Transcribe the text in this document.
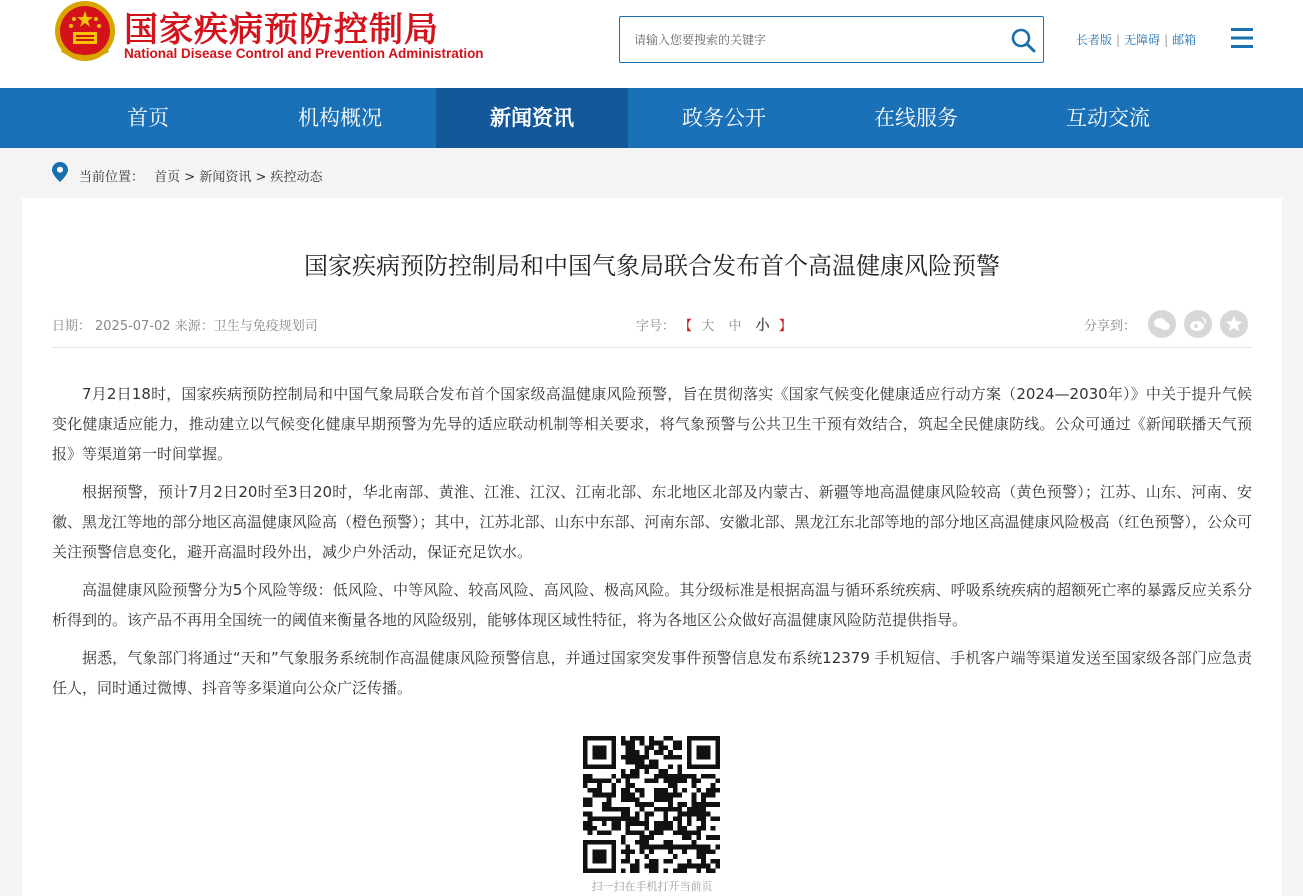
国家疾病预防控制局
National Disease Control and Prevention Administration
请输入您要搜索的关键字
长者版 | 无障碍 | 邮箱
首页	机构概况	新闻资讯	政务公开	在线服务	互动交流
当前位置： 首页 > 新闻资讯 > 疾控动态
国家疾病预防控制局和中国气象局联合发布首个高温健康风险预警
日期： 2025-07-02 来源：卫生与免疫规划司	字号： 【 大 中 小 】	分享到：

7月2日18时，国家疾病预防控制局和中国气象局联合发布首个国家级高温健康风险预警，旨在贯彻落实《国家气候变化健康适应行动方案（2024—2030年）》中关于提升气候变化健康适应能力，推动建立以气候变化健康早期预警为先导的适应联动机制等相关要求，将气象预警与公共卫生干预有效结合，筑起全民健康防线。公众可通过《新闻联播天气预报》等渠道第一时间掌握。

根据预警，预计7月2日20时至3日20时，华北南部、黄淮、江淮、江汉、江南北部、东北地区北部及内蒙古、新疆等地高温健康风险较高（黄色预警）；江苏、山东、河南、安徽、黑龙江等地的部分地区高温健康风险高（橙色预警）；其中，江苏北部、山东中东部、河南东部、安徽北部、黑龙江东北部等地的部分地区高温健康风险极高（红色预警），公众可关注预警信息变化，避开高温时段外出，减少户外活动，保证充足饮水。

高温健康风险预警分为5个风险等级：低风险、中等风险、较高风险、高风险、极高风险。其分级标准是根据高温与循环系统疾病、呼吸系统疾病的超额死亡率的暴露反应关系分析得到的。该产品不再用全国统一的阈值来衡量各地的风险级别，能够体现区域性特征，将为各地区公众做好高温健康风险防范提供指导。

据悉，气象部门将通过“天和”气象服务系统制作高温健康风险预警信息，并通过国家突发事件预警信息发布系统12379 手机短信、手机客户端等渠道发送至国家级各部门应急责任人，同时通过微博、抖音等多渠道向公众广泛传播。

扫一扫在手机打开当前页
